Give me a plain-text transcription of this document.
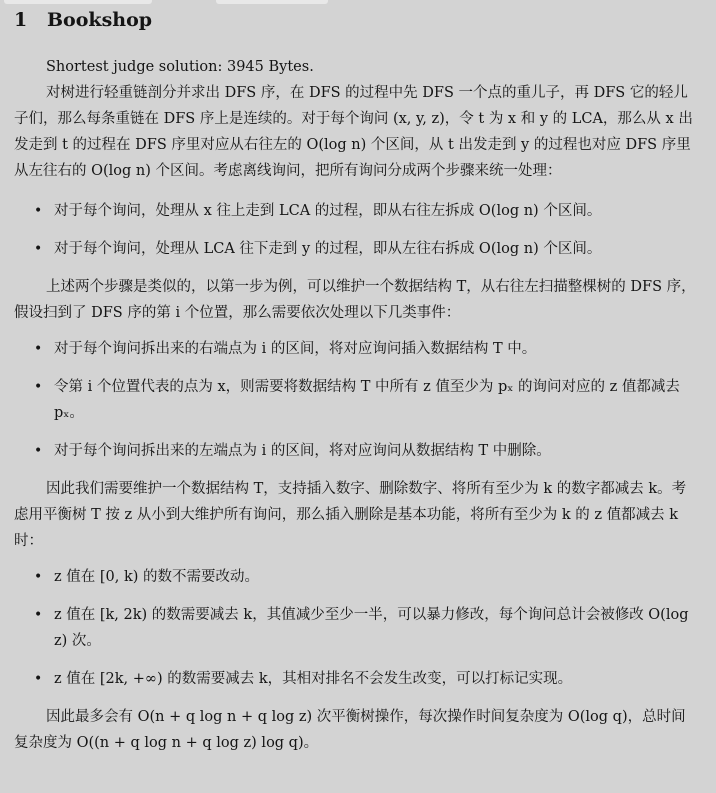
1 Bookshop

Shortest judge solution: 3945 Bytes.

对树进行轻重链剖分并求出 DFS 序，在 DFS 的过程中先 DFS 一个点的重儿子，再 DFS 它的轻儿子们，那么每条重链在 DFS 序上是连续的。对于每个询问 (x, y, z)，令 t 为 x 和 y 的 LCA，那么从 x 出发走到 t 的过程在 DFS 序里对应从右往左的 O(log n) 个区间，从 t 出发走到 y 的过程也对应 DFS 序里从左往右的 O(log n) 个区间。考虑离线询问，把所有询问分成两个步骤来统一处理：

• 对于每个询问，处理从 x 往上走到 LCA 的过程，即从右往左拆成 O(log n) 个区间。
• 对于每个询问，处理从 LCA 往下走到 y 的过程，即从左往右拆成 O(log n) 个区间。

上述两个步骤是类似的，以第一步为例，可以维护一个数据结构 T，从右往左扫描整棵树的 DFS 序，假设扫到了 DFS 序的第 i 个位置，那么需要依次处理以下几类事件：

• 对于每个询问拆出来的右端点为 i 的区间，将对应询问插入数据结构 T 中。
• 令第 i 个位置代表的点为 x，则需要将数据结构 T 中所有 z 值至少为 pₓ 的询问对应的 z 值都减去 pₓ。
• 对于每个询问拆出来的左端点为 i 的区间，将对应询问从数据结构 T 中删除。

因此我们需要维护一个数据结构 T，支持插入数字、删除数字、将所有至少为 k 的数字都减去 k。考虑用平衡树 T 按 z 从小到大维护所有询问，那么插入删除是基本功能，将所有至少为 k 的 z 值都减去 k 时：

• z 值在 [0, k) 的数不需要改动。
• z 值在 [k, 2k) 的数需要减去 k，其值减少至少一半，可以暴力修改，每个询问总计会被修改 O(log z) 次。
• z 值在 [2k, +∞) 的数需要减去 k，其相对排名不会发生改变，可以打标记实现。

因此最多会有 O(n + q log n + q log z) 次平衡树操作，每次操作时间复杂度为 O(log q)，总时间复杂度为 O((n + q log n + q log z) log q)。
